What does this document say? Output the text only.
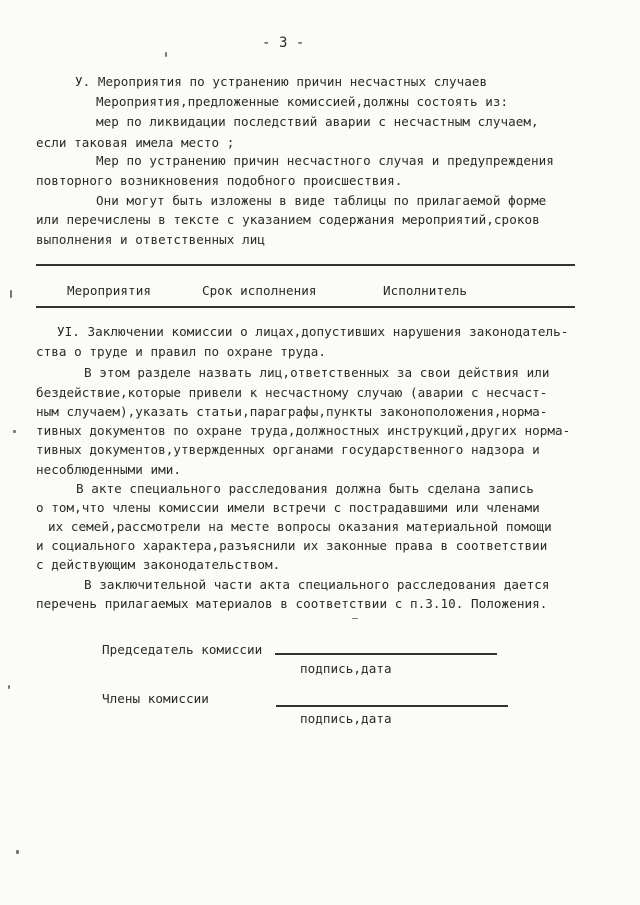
- 3 -
У. Мероприятия по устранению причин несчастных случаев
Мероприятия,предложенные комиссией,должны состоять из:
мер по ликвидации последствий аварии с несчастным случаем,
если таковая имела место ;
Мер по устранению причин несчастного случая и предупреждения
повторного возникновения подобного происшествия.
Они могут быть изложены в виде таблицы по прилагаемой форме
или перечислены в тексте с указанием содержания мероприятий,сроков
выполнения и ответственных лиц
Мероприятия	Срок исполнения	Исполнитель
УI. Заключении комиссии о лицах,допустивших нарушения законодатель-
ства о труде и правил по охране труда.
В этом разделе назвать лиц,ответственных за свои действия или
бездействие,которые привели к несчастному случаю (аварии с несчаст-
ным случаем),указать статьи,параграфы,пункты законоположения,норма-
тивных документов по охране труда,должностных инструкций,других норма-
тивных документов,утвержденных органами государственного надзора и
несоблюденными ими.
В акте специального расследования должна быть сделана запись
о том,что члены комиссии имели встречи с пострадавшими или членами
их семей,рассмотрели на месте вопросы оказания материальной помощи
и социального характера,разъяснили их законные права в соответствии
с действующим законодательством.
В заключительной части акта специального расследования дается
перечень прилагаемых материалов в соответствии с п.3.10. Положения.
Председатель комиссии
подпись,дата
Члены комиссии
подпись,дата
